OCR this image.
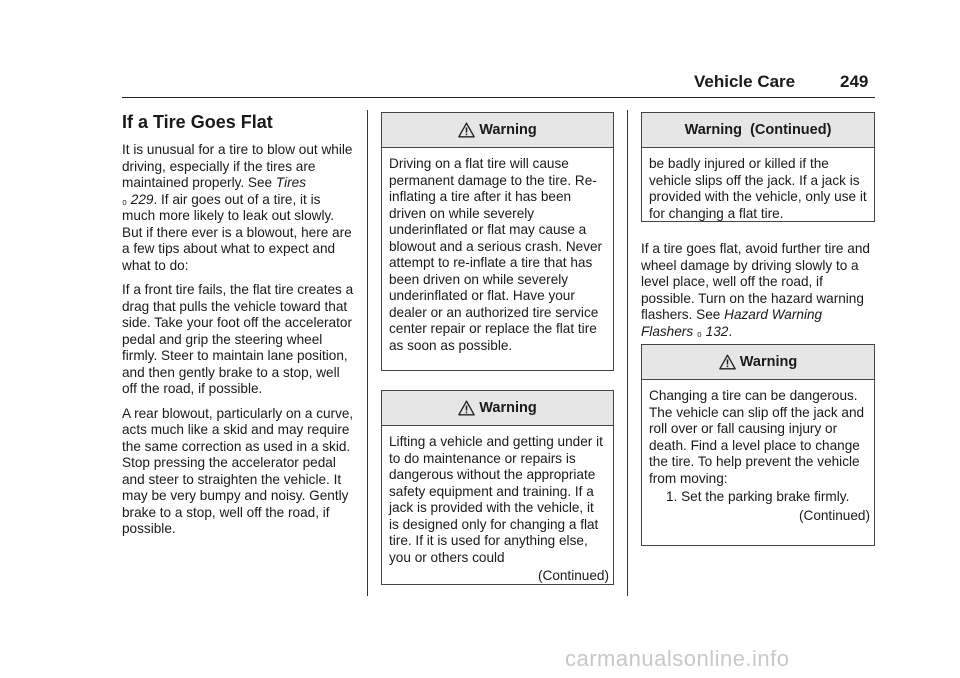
Vehicle Care	249
If a Tire Goes Flat

It is unusual for a tire to blow out while driving, especially if the tires are maintained properly. See Tires
₀ 229. If air goes out of a tire, it is much more likely to leak out slowly. But if there ever is a blowout, here are a few tips about what to expect and what to do:

If a front tire fails, the flat tire creates a drag that pulls the vehicle toward that side. Take your foot off the accelerator pedal and grip the steering wheel firmly. Steer to maintain lane position, and then gently brake to a stop, well off the road, if possible.

A rear blowout, particularly on a curve, acts much like a skid and may require the same correction as used in a skid. Stop pressing the accelerator pedal and steer to straighten the vehicle. It may be very bumpy and noisy. Gently brake to a stop, well off the road, if possible.

Warning
Driving on a flat tire will cause permanent damage to the tire. Re-inflating a tire after it has been driven on while severely underinflated or flat may cause a blowout and a serious crash. Never attempt to re-inflate a tire that has been driven on while severely underinflated or flat. Have your dealer or an authorized tire service center repair or replace the flat tire as soon as possible.
Warning
Lifting a vehicle and getting under it to do maintenance or repairs is dangerous without the appropriate safety equipment and training. If a jack is provided with the vehicle, it is designed only for changing a flat tire. If it is used for anything else, you or others could
(Continued)
Warning  (Continued)
be badly injured or killed if the vehicle slips off the jack. If a jack is provided with the vehicle, only use it for changing a flat tire.

If a tire goes flat, avoid further tire and wheel damage by driving slowly to a level place, well off the road, if possible. Turn on the hazard warning flashers. See Hazard Warning Flashers ₀ 132.

Warning
Changing a tire can be dangerous. The vehicle can slip off the jack and roll over or fall causing injury or death. Find a level place to change the tire. To help prevent the vehicle from moving:
1. Set the parking brake firmly.
(Continued)
carmanualsonline.info
